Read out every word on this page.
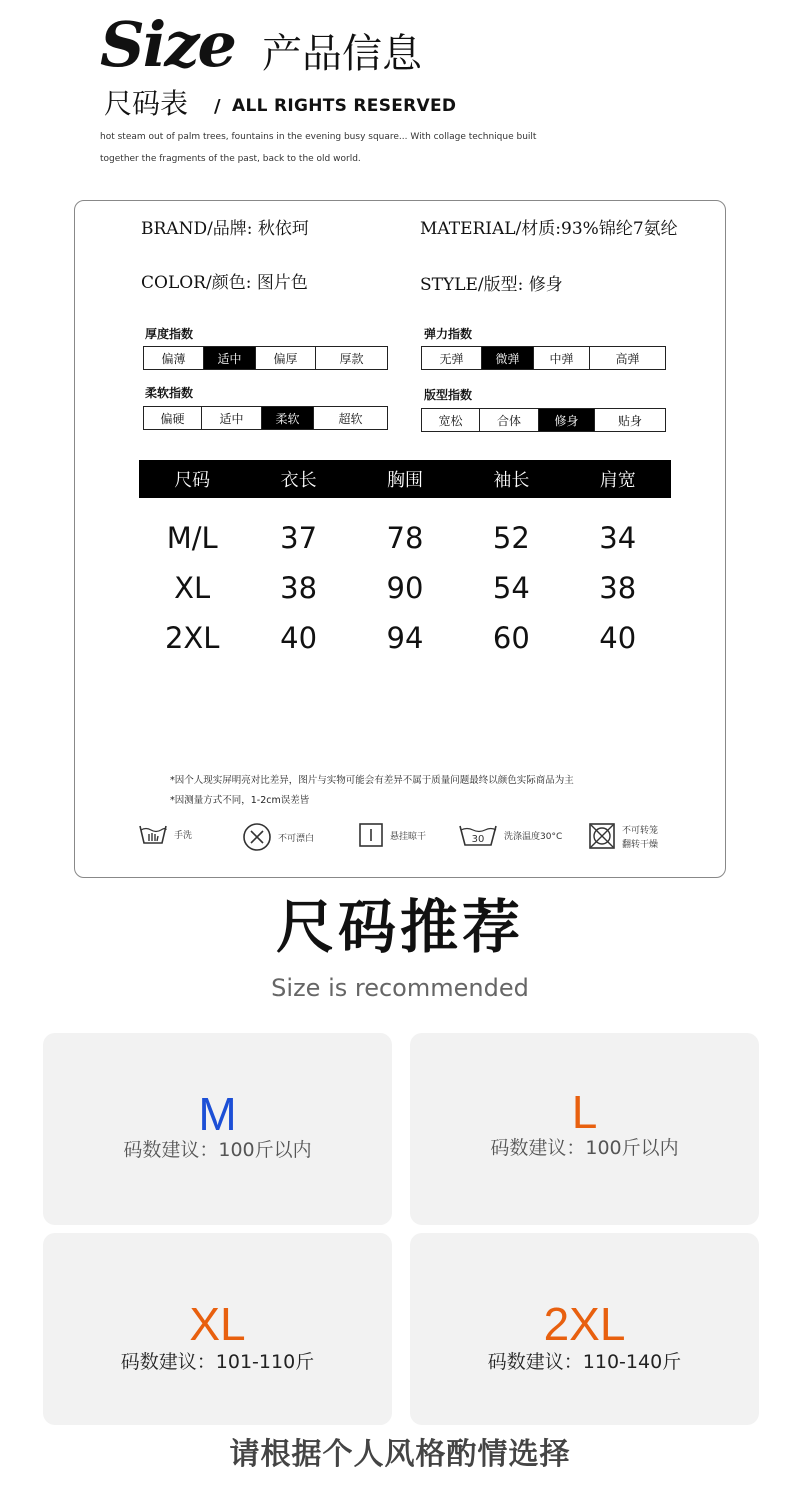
Size 产品信息
尺码表 / ALL RIGHTS RESERVED
hot steam out of palm trees, fountains in the evening busy square... With collage technique built
together the fragments of the past, back to the old world.
BRAND/品牌: 秋依珂	MATERIAL/材质:93%锦纶7氨纶
COLOR/颜色: 图片色	STYLE/版型: 修身
厚度指数
偏薄	适中	偏厚	厚款
弹力指数
无弹	微弹	中弹	高弹
柔软指数
偏硬	适中	柔软	超软
版型指数
宽松	合体	修身	贴身
尺码	衣长	胸围	袖长	肩宽
M/L	37	78	52	34
XL	38	90	54	38
2XL	40	94	60	40
*因个人现实屏明亮对比差异，图片与实物可能会有差异不属于质量问题最终以颜色实际商品为主
*因测量方式不同，1-2cm误差皆
手洗	不可漂白	悬挂晾干	30 洗涤温度30°C
不可转笼
翻转干燥
尺码推荐
Size is recommended
M
码数建议：100斤以内
L
码数建议：100斤以内
XL
码数建议：101-110斤
2XL
码数建议：110-140斤
请根据个人风格酌情选择
